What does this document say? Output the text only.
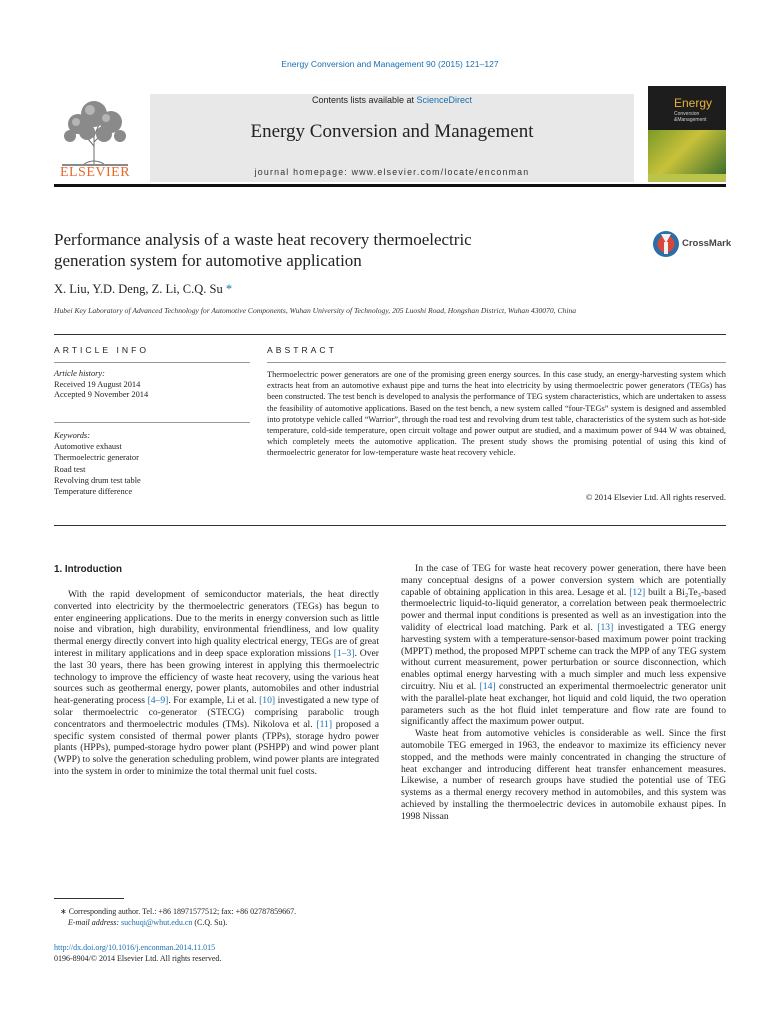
Energy Conversion and Management 90 (2015) 121–127
ELSEVIER
Contents lists available at ScienceDirect
Energy Conversion and Management
journal homepage: www.elsevier.com/locate/enconman
Energy
Conversion
&Management
Performance analysis of a waste heat recovery thermoelectric
generation system for automotive application
CrossMark
X. Liu, Y.D. Deng, Z. Li, C.Q. Su *
Hubei Key Laboratory of Advanced Technology for Automotive Components, Wuhan University of Technology, 205 Luoshi Road, Hongshan District, Wuhan 430070, China
ARTICLE INFO
Article history:
Received 19 August 2014
Accepted 9 November 2014
Keywords:
Automotive exhaust
Thermoelectric generator
Road test
Revolving drum test table
Temperature difference
ABSTRACT
Thermoelectric power generators are one of the promising green energy sources. In this case study, an energy-harvesting system which extracts heat from an automotive exhaust pipe and turns the heat into electricity by using thermoelectric power generators (TEGs) has been constructed. The test bench is developed to analysis the performance of TEG system characteristics, which are undertaken to assess the feasibility of automotive applications. Based on the test bench, a new system called “four-TEGs” system is designed and assembled into prototype vehicle called “Warrior”, through the road test and revolving drum test table, characteristics of the system such as hot-side temperature, cold-side temperature, open circuit voltage and power output are studied, and a maximum power of 944 W was obtained, which completely meets the automotive application. The present study shows the promising potential of using this kind of thermoelectric generator for low-temperature waste heat recovery vehicle.
© 2014 Elsevier Ltd. All rights reserved.
1. Introduction

With the rapid development of semiconductor materials, the heat directly converted into electricity by the thermoelectric generators (TEGs) has begun to enter engineering applications. Due to the merits in energy conversion such as little noise and vibration, high durability, environmental friendliness, and low quality thermal energy directly convert into high quality electrical energy, TEGs are of great interest in military applications and in deep space exploration missions [1–3]. Over the last 30 years, there has been growing interest in applying this thermoelectric technology to improve the efficiency of waste heat recovery, using the various heat sources such as geothermal energy, power plants, automobiles and other industrial heat-generating process [4–9]. For example, Li et al. [10] investigated a new type of solar thermoelectric co-generator (STECG) comprising parabolic trough concentrators and thermoelectric modules (TMs). Nikolova et al. [11] proposed a specific system consisted of thermal power plants (TPPs), storage hydro power plants (HPPs), pumped-storage hydro power plant (PSHPP) and wind power plant (WPP) to solve the generation scheduling problem, wind power plants are integrated into the system in order to minimize the total thermal unit fuel costs.

In the case of TEG for waste heat recovery power generation, there have been many conceptual designs of a power conversion system which are potentially capable of obtaining application in this area. Lesage et al. [12] built a Bi₂Te₃-based thermoelectric liquid-to-liquid generator, a correlation between peak thermoelectric power and thermal input conditions is presented as well as an investigation into the validity of electrical load matching. Park et al. [13] investigated a TEG energy harvesting system with a temperature-sensor-based maximum power point tracking (MPPT) method, the proposed MPPT scheme can track the MPP of any TEG system without current measurement, power perturbation or source disconnection, which enables optimal energy harvesting with a much simpler and much less expensive circuitry. Niu et al. [14] constructed an experimental thermoelectric generator unit with the parallel-plate heat exchanger, hot liquid and cold liquid, the two operation parameters such as the hot fluid inlet temperature and flow rate are found to significantly affect the maximum power output.

Waste heat from automotive vehicles is considerable as well. Since the first automobile TEG emerged in 1963, the endeavor to maximize its efficiency never stopped, and the methods were mainly concentrated in changing the structure of heat exchanger and introducing different heat transfer enhancement measures. Likewise, a number of research groups have studied the potential use of TEG systems as a thermal energy recovery method in automobiles, and this system was achieved by installing the thermoelectric devices in automobile exhaust pipes. In 1998 Nissan

∗ Corresponding author. Tel.: +86 18971577512; fax: +86 02787859667.
E-mail address: suchuqi@whut.edu.cn (C.Q. Su).
http://dx.doi.org/10.1016/j.enconman.2014.11.015
0196-8904/© 2014 Elsevier Ltd. All rights reserved.
